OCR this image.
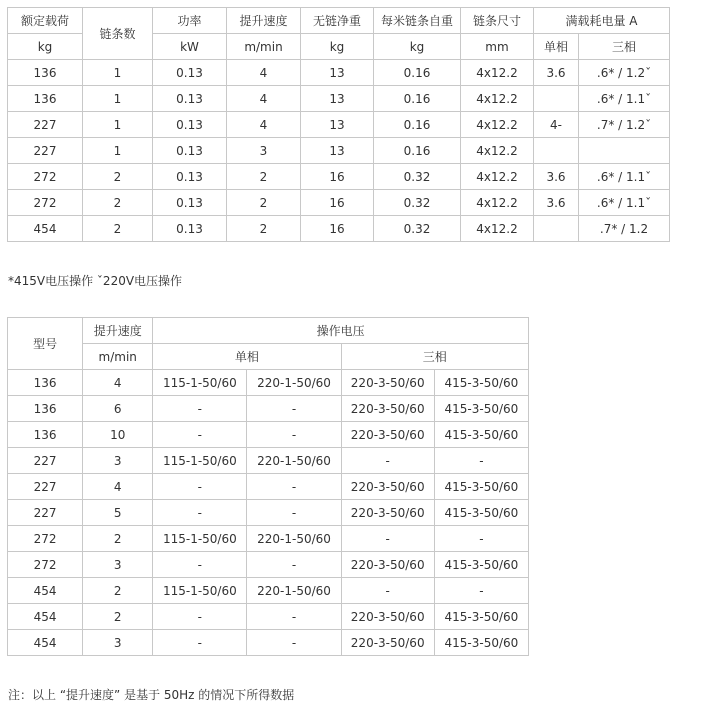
额定载荷	链条数	功率	提升速度	无链净重	每米链条自重	链条尺寸	满载耗电量 A	
kg		kW	m/min	kg	kg	mm	单相	三相
136	1	0.13	4	13	0.16	4x12.2	3.6	.6* / 1.2ˇ
136	1	0.13	4	13	0.16	4x12.2		.6* / 1.1ˇ
227	1	0.13	4	13	0.16	4x12.2	4-	.7* / 1.2ˇ
227	1	0.13	3	13	0.16	4x12.2		
272	2	0.13	2	16	0.32	4x12.2	3.6	.6* / 1.1ˇ
272	2	0.13	2	16	0.32	4x12.2	3.6	.6* / 1.1ˇ
454	2	0.13	2	16	0.32	4x12.2		.7* / 1.2
*415V电压操作 ˇ220V电压操作
型号	提升速度	操作电压			
	m/min	单相		三相	
136	4	115-1-50/60	220-1-50/60	220-3-50/60	415-3-50/60
136	6	-	-	220-3-50/60	415-3-50/60
136	10	-	-	220-3-50/60	415-3-50/60
227	3	115-1-50/60	220-1-50/60	-	-
227	4	-	-	220-3-50/60	415-3-50/60
227	5	-	-	220-3-50/60	415-3-50/60
272	2	115-1-50/60	220-1-50/60	-	-
272	3	-	-	220-3-50/60	415-3-50/60
454	2	115-1-50/60	220-1-50/60	-	-
454	2	-	-	220-3-50/60	415-3-50/60
454	3	-	-	220-3-50/60	415-3-50/60
注：以上 “提升速度” 是基于 50Hz 的情况下所得数据
